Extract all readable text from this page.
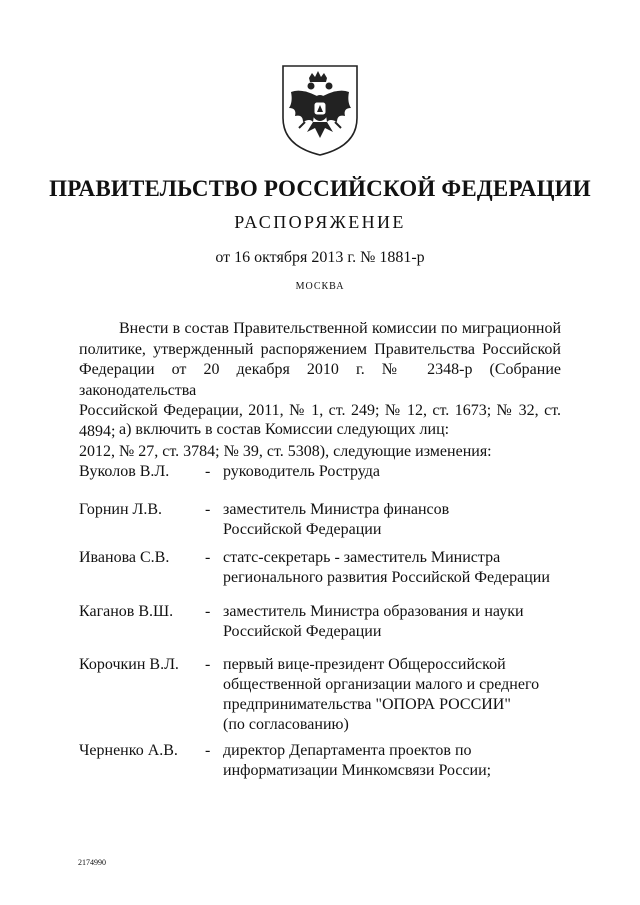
ПРАВИТЕЛЬСТВО РОССИЙСКОЙ ФЕДЕРАЦИИ
РАСПОРЯЖЕНИЕ
от 16 октября 2013 г. № 1881-р
МОСКВА
Внести в состав Правительственной комиссии по миграционной
политике, утвержденный распоряжением Правительства Российской
Федерации от 20 декабря 2010 г. № 2348-р (Собрание законодательства
Российской Федерации, 2011, № 1, ст. 249; № 12, ст. 1673; № 32, ст. 4894;
2012, № 27, ст. 3784; № 39, ст. 5308), следующие изменения:
а) включить в состав Комиссии следующих лиц:
Вуколов В.Л. - руководитель Роструда
Горнин Л.В.	- заместитель Министра финансов
Российской Федерации
Иванова С.В. - статс-секретарь - заместитель Министра
регионального развития Российской Федерации
Каганов В.Ш. - заместитель Министра образования и науки
Российской Федерации
Корочкин В.Л. - первый вице-президент Общероссийской
общественной организации малого и среднего
предпринимательства "ОПОРА РОССИИ"
(по согласованию)
Черненко А.В. - директор Департамента проектов по
информатизации Минкомсвязи России;
2174990
